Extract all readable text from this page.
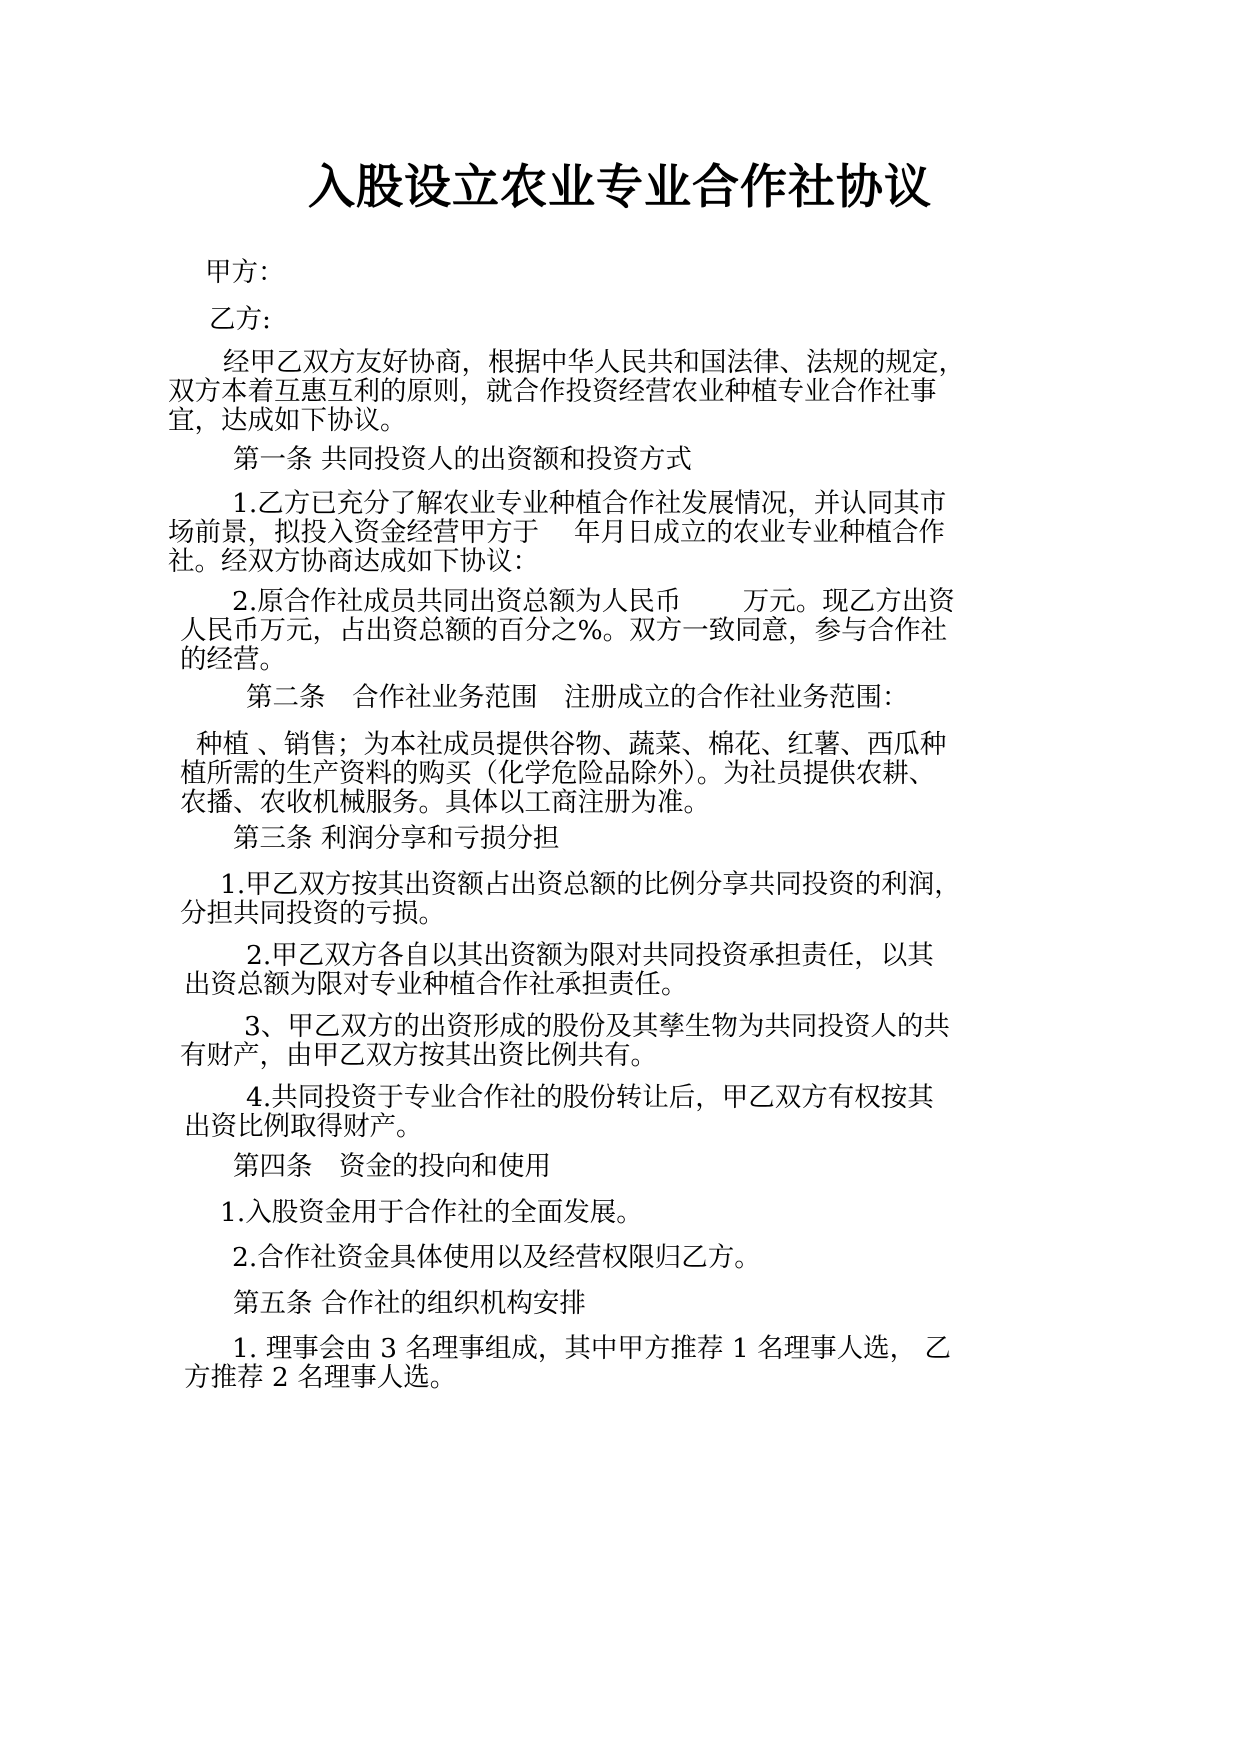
入股设立农业专业合作社协议
甲方：
乙方:
经甲乙双方友好协商，根据中华人民共和国法律、法规的规定，
双方本着互惠互利的原则，就合作投资经营农业种植专业合作社事
宜，达成如下协议。
第一条 共同投资人的出资额和投资方式
1.乙方已充分了解农业专业种植合作社发展情况，并认同其市
场前景，拟投入资金经营甲方于　 年月日成立的农业专业种植合作
社。经双方协商达成如下协议：
2.原合作社成员共同出资总额为人民币　　 万元。现乙方出资
人民币万元，占出资总额的百分之%。双方一致同意，参与合作社
的经营。
第二条　合作社业务范围　注册成立的合作社业务范围：
种植 、销售；为本社成员提供谷物、蔬菜、棉花、红薯、西瓜种
植所需的生产资料的购买（化学危险品除外）。为社员提供农耕、
农播、农收机械服务。具体以工商注册为准。
第三条 利润分享和亏损分担
1.甲乙双方按其出资额占出资总额的比例分享共同投资的利润，
分担共同投资的亏损。
2.甲乙双方各自以其出资额为限对共同投资承担责任，以其
出资总额为限对专业种植合作社承担责任。
3、甲乙双方的出资形成的股份及其孳生物为共同投资人的共
有财产，由甲乙双方按其出资比例共有。
4.共同投资于专业合作社的股份转让后，甲乙双方有权按其
出资比例取得财产。
第四条　资金的投向和使用
1.入股资金用于合作社的全面发展。
2.合作社资金具体使用以及经营权限归乙方。
第五条 合作社的组织机构安排
1. 理事会由 3 名理事组成，其中甲方推荐 1 名理事人选， 乙
方推荐 2 名理事人选。
